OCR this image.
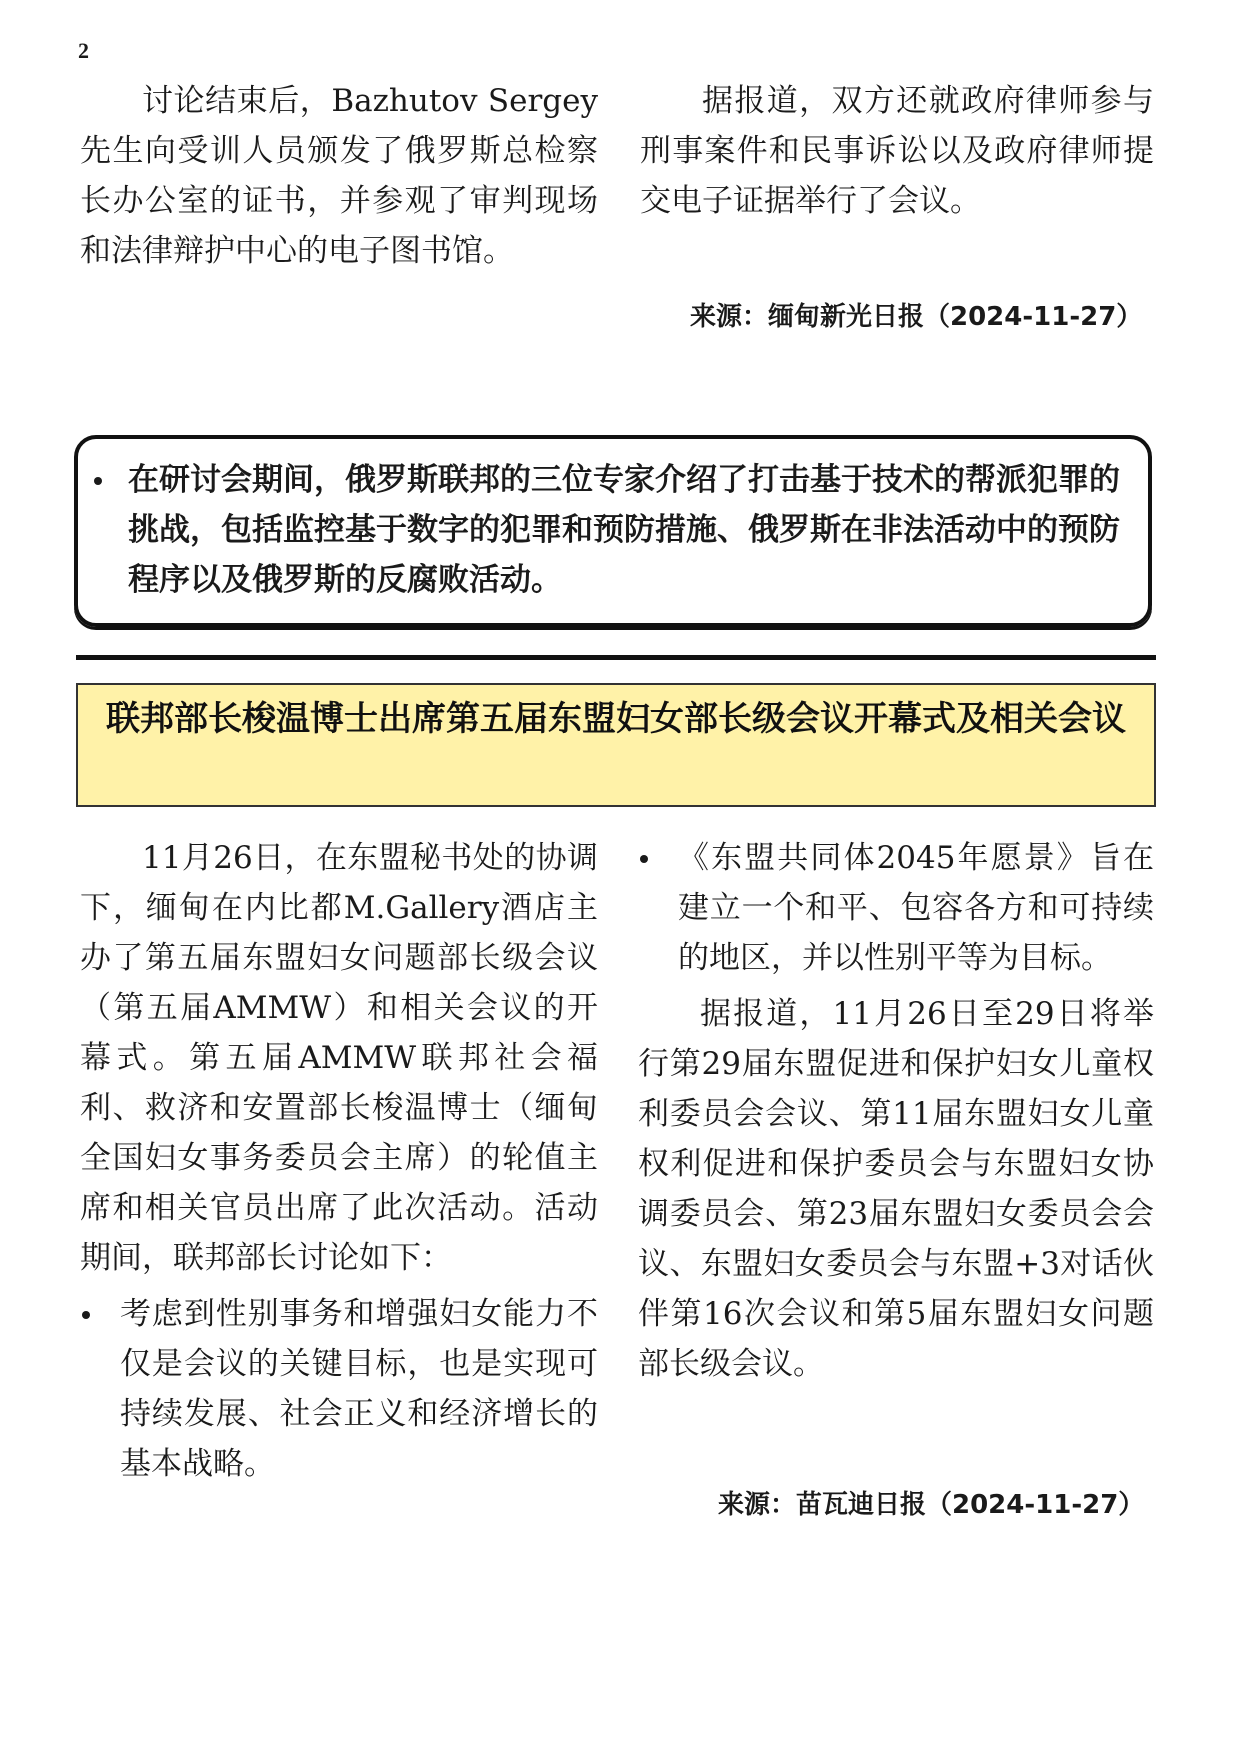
2

讨论结束后，Bazhutov Sergey先生向受训人员颁发了俄罗斯总检察长办公室的证书，并参观了审判现场和法律辩护中心的电子图书馆。

据报道，双方还就政府律师参与刑事案件和民事诉讼以及政府律师提交电子证据举行了会议。

来源：缅甸新光日报（2024-11-27）
在研讨会期间，俄罗斯联邦的三位专家介绍了打击基于技术的帮派犯罪的挑战，包括监控基于数字的犯罪和预防措施、俄罗斯在非法活动中的预防程序以及俄罗斯的反腐败活动。
联邦部长梭温博士出席第五届东盟妇女部长级会议开幕式及相关会议

11月26日，在东盟秘书处的协调下，缅甸在内比都M.Gallery酒店主办了第五届东盟妇女问题部长级会议（第五届AMMW）和相关会议的开幕式。第五届AMMW联邦社会福利、救济和安置部长梭温博士（缅甸全国妇女事务委员会主席）的轮值主席和相关官员出席了此次活动。活动期间，联邦部长讨论如下：

考虑到性别事务和增强妇女能力不仅是会议的关键目标，也是实现可持续发展、社会正义和经济增长的基本战略。
《东盟共同体2045年愿景》旨在建立一个和平、包容各方和可持续的地区，并以性别平等为目标。

据报道，11月26日至29日将举行第29届东盟促进和保护妇女儿童权利委员会会议、第11届东盟妇女儿童权利促进和保护委员会与东盟妇女协调委员会、第23届东盟妇女委员会会议、东盟妇女委员会与东盟+3对话伙伴第16次会议和第5届东盟妇女问题部长级会议。

来源：苗瓦迪日报（2024-11-27）
